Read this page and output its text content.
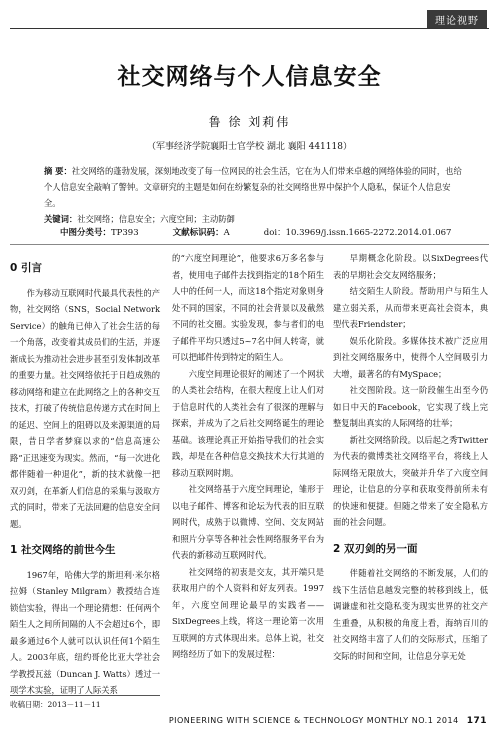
理论视野
社交网络与个人信息安全
鲁 徐 刘莉伟
（军事经济学院襄阳士官学校 湖北 襄阳 441118）
摘 要：社交网络的蓬勃发展，深刻地改变了每一位网民的社会生活，它在为人们带来卓越的网络体验的同时，也给个人信息安全敲响了警钟。文章研究的主题是如何在纷繁复杂的社交网络世界中保护个人隐私，保证个人信息安全。
关键词：社交网络；信息安全；六度空间；主动防御
中图分类号：TP393	文献标识码：A	doi：10.3969/j.issn.1665-2272.2014.01.067
0 引言

作为移动互联网时代最具代表性的产物，社交网络（SNS，Social Network Service）的触角已伸入了社会生活的每一个角落，改变着其成员们的生活，并逐渐成长为推动社会进步甚至引发体制改革的重要力量。社交网络依托于日趋成熟的移动网络和建立在此网络之上的各种交互技术，打破了传统信息传递方式在时间上的延迟、空间上的阻碍以及来源渠道的局限，昔日学者梦寐以求的“信息高速公路”正迅速变为现实。然而，“每一次进化都伴随着一种退化”，新的技术就像一把双刃剑，在革新人们信息的采集与汲取方式的同时，带来了无法回避的信息安全问题。

1 社交网络的前世今生

1967年，哈佛大学的斯坦利·米尔格拉姆（Stanley Milgram）教授结合连锁信实验，得出一个理论猜想：任何两个陌生人之间所间隔的人不会超过6个，即最多通过6个人就可以认识任何1个陌生人。2003年底，纽约哥伦比亚大学社会学教授瓦兹（Duncan J. Watts）透过一项学术实验，证明了人际关系

的“六度空间理论”，他要求6万多名参与者，使用电子邮件去找到指定的18个陌生人中的任何一人，而这18个指定对象则身处不同的国家，不同的社会背景以及截然不同的社交圈。实验发现，参与者们的电子邮件平均只透过5~7名中间人转寄，就可以把邮件传到特定的陌生人。

六度空间理论很好的阐述了一个网状的人类社会结构，在很大程度上让人们对于信息时代的人类社会有了很深的理解与探索，并成为了之后社交网络诞生的理论基础。该理论真正开始指导我们的社会实践，却是在各种信息交换技术大行其道的移动互联网时期。

社交网络基于六度空间理论，雏形于以电子邮件、博客和论坛为代表的旧互联网时代，成熟于以微博、空间、交友网站和照片分享等各种社会性网络服务平台为代表的新移动互联网时代。

社交网络的初衷是交友，其开端只是获取用户的个人资料和好友列表。1997年，六度空间理论最早的实践者——SixDegrees上线，将这一理论第一次用互联网的方式体现出来。总体上说，社交网络经历了如下的发展过程：

早期概念化阶段。以SixDegrees代表的早期社会交友网络服务；

结交陌生人阶段。帮助用户与陌生人建立弱关系，从而带来更高社会资本，典型代表Friendster；

娱乐化阶段。多媒体技术被广泛应用到社交网络服务中，使得个人空间吸引力大增，最著名的有MySpace；

社交图阶段。这一阶段催生出至今仍如日中天的Facebook，它实现了线上完整复制出真实的人际网络的壮举；

新社交网络阶段。以后起之秀Twitter为代表的微博类社交网络平台，将线上人际网络无限放大，突破并升华了六度空间理论，让信息的分享和获取变得前所未有的快速和便捷。但随之带来了安全隐私方面的社会问题。

2 双刃剑的另一面

伴随着社交网络的不断发展，人们的线下生活信息越发完整的转移到线上，低调谦虚和社交隐私变为现实世界的社交产生重叠，从积极的角度上看，海纳百川的社交网络丰富了人们的交际形式，压缩了交际的时间和空间，让信息分享无处

收稿日期：2013－11－11
PIONEERING WITH SCIENCE & TECHNOLOGY MONTHLY NO.1 2014 171
